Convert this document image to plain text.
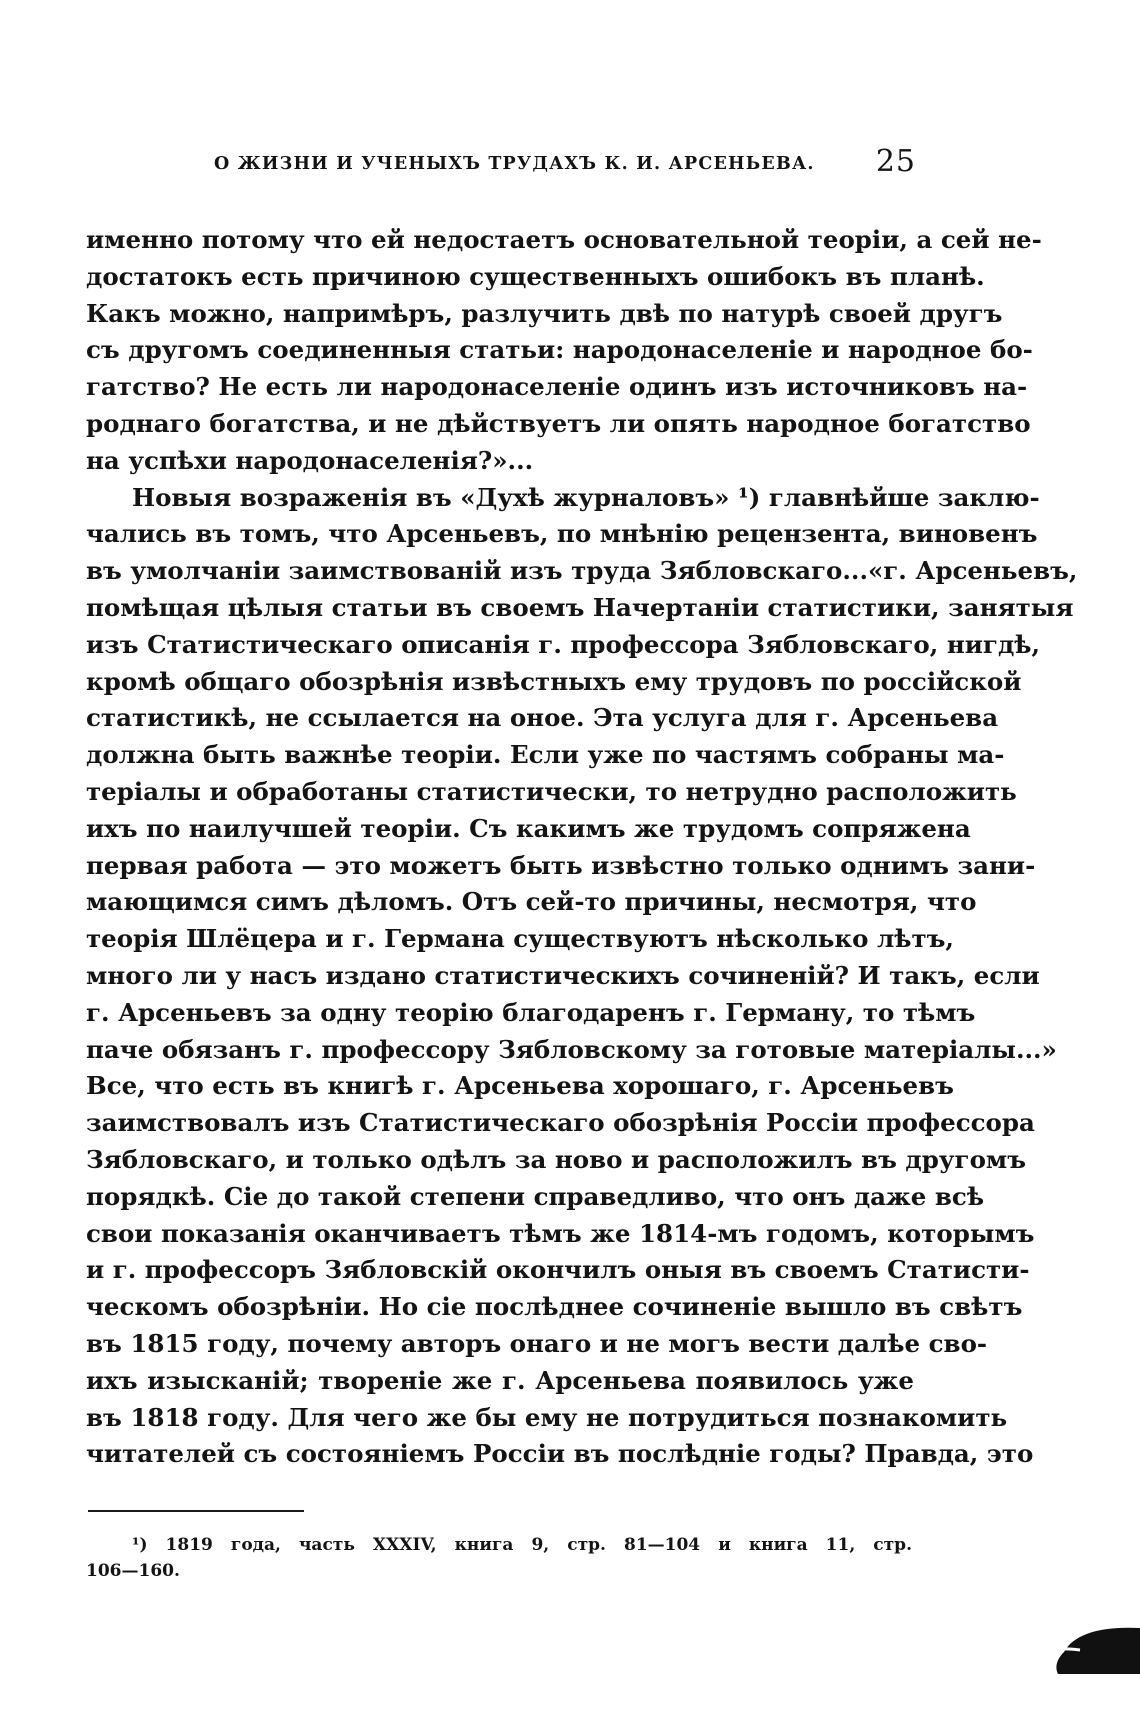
О ЖИЗНИ И УЧЕНЫХЪ ТРУДАХЪ К. И. АРСЕНЬЕВА. 25
именно потому что ей недостаетъ основательной теоріи, а сей не-
достатокъ есть причиною существенныхъ ошибокъ въ планѣ.
Какъ можно, напримѣръ, разлучить двѣ по натурѣ своей другъ
съ другомъ соединенныя статьи: народонаселеніе и народное бо-
гатство? Не есть ли народонаселеніе одинъ изъ источниковъ на-
роднаго богатства, и не дѣйствуетъ ли опять народное богатство
на успѣхи народонаселенія?»...
Новыя возраженія въ «Духѣ журналовъ» ¹) главнѣйше заклю-
чались въ томъ, что Арсеньевъ, по мнѣнію рецензента, виновенъ
въ умолчаніи заимствованій изъ труда Зябловскаго...«г. Арсеньевъ,
помѣщая цѣлыя статьи въ своемъ Начертаніи статистики, занятыя
изъ Статистическаго описанія г. профессора Зябловскаго, нигдѣ,
кромѣ общаго обозрѣнія извѣстныхъ ему трудовъ по россійской
статистикѣ, не ссылается на оное. Эта услуга для г. Арсеньева
должна быть важнѣе теоріи. Если уже по частямъ собраны ма-
теріалы и обработаны статистически, то нетрудно расположить
ихъ по наилучшей теоріи. Съ какимъ же трудомъ сопряжена
первая работа — это можетъ быть извѣстно только однимъ зани-
мающимся симъ дѣломъ. Отъ сей-то причины, несмотря, что
теорія Шлёцера и г. Германа существуютъ нѣсколько лѣтъ,
много ли у насъ издано статистическихъ сочиненій? И такъ, если
г. Арсеньевъ за одну теорію благодаренъ г. Герману, то тѣмъ
паче обязанъ г. профессору Зябловскому за готовые матеріалы...»
Все, что есть въ книгѣ г. Арсеньева хорошаго, г. Арсеньевъ
заимствовалъ изъ Статистическаго обозрѣнія Россіи профессора
Зябловскаго, и только одѣлъ за ново и расположилъ въ другомъ
порядкѣ. Сіе до такой степени справедливо, что онъ даже всѣ
свои показанія оканчиваетъ тѣмъ же 1814-мъ годомъ, которымъ
и г. профессоръ Зябловскій окончилъ оныя въ своемъ Статисти-
ческомъ обозрѣніи. Но сіе послѣднее сочиненіе вышло въ свѣтъ
въ 1815 году, почему авторъ онаго и не могъ вести далѣе сво-
ихъ изысканій; твореніе же г. Арсеньева появилось уже
въ 1818 году. Для чего же бы ему не потрудиться познакомить
читателей съ состояніемъ Россіи въ послѣдніе годы? Правда, это
¹) 1819 года, часть XXXIV, книга 9, стр. 81—104 и книга 11, стр.
106—160.
